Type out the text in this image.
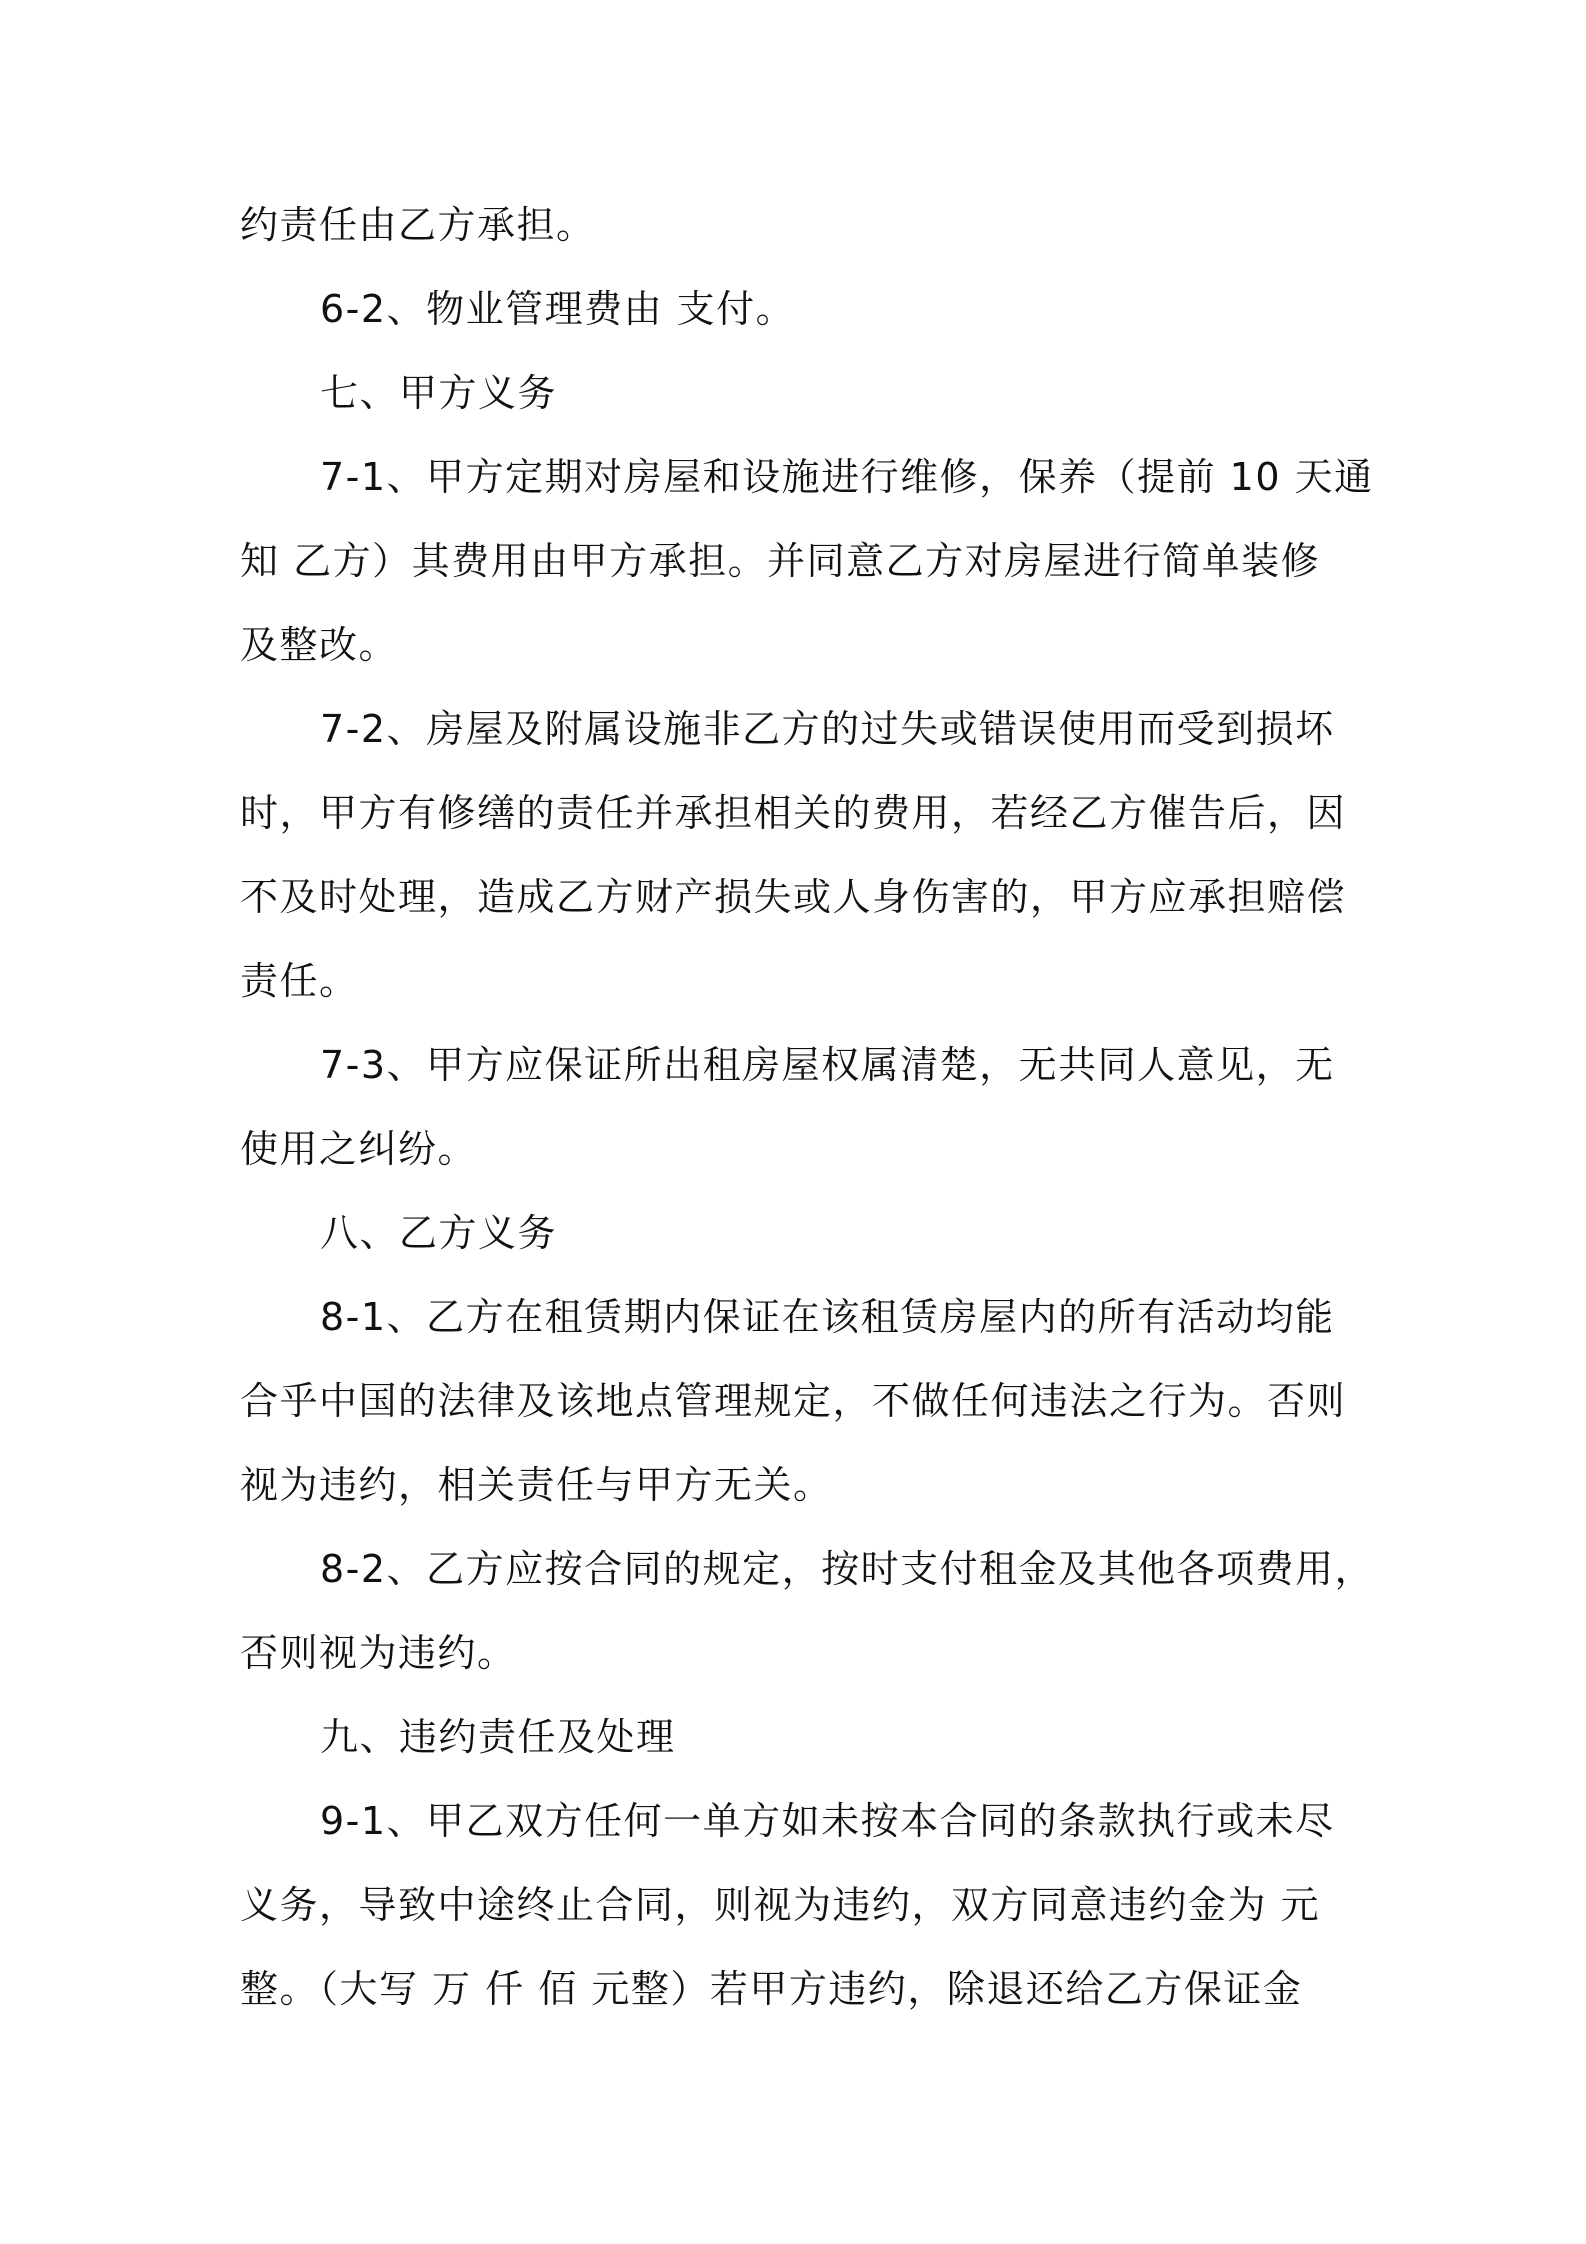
约责任由乙方承担。
6-2、物业管理费由 支付。
七、甲方义务
7-1、甲方定期对房屋和设施进行维修，保养（提前 10 天通
知 乙方）其费用由甲方承担。并同意乙方对房屋进行简单装修
及整改。
7-2、房屋及附属设施非乙方的过失或错误使用而受到损坏
时，甲方有修缮的责任并承担相关的费用，若经乙方催告后，因
不及时处理，造成乙方财产损失或人身伤害的，甲方应承担赔偿
责任。
7-3、甲方应保证所出租房屋权属清楚，无共同人意见，无
使用之纠纷。
八、乙方义务
8-1、乙方在租赁期内保证在该租赁房屋内的所有活动均能
合乎中国的法律及该地点管理规定，不做任何违法之行为。否则
视为违约，相关责任与甲方无关。
8-2、乙方应按合同的规定，按时支付租金及其他各项费用，
否则视为违约。
九、违约责任及处理
9-1、甲乙双方任何一单方如未按本合同的条款执行或未尽
义务，导致中途终止合同，则视为违约，双方同意违约金为 元
整。（大写 万 仟 佰 元整）若甲方违约，除退还给乙方保证金
